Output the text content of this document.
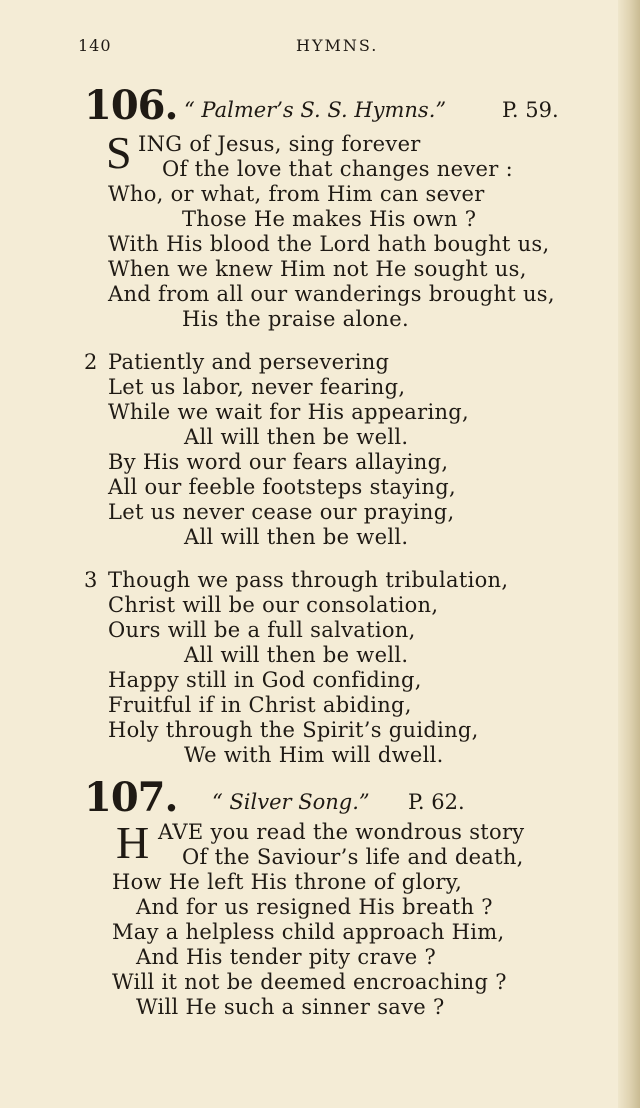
140	HYMNS.
106. “ Palmer’s S. S. Hymns.”	P. 59.
S ING of Jesus, sing forever
Of the love that changes never :
Who, or what, from Him can sever
Those He makes His own ?
With His blood the Lord hath bought us,
When we knew Him not He sought us,
And from all our wanderings brought us,
His the praise alone.
2 Patiently and persevering
Let us labor, never fearing,
While we wait for His appearing,
All will then be well.
By His word our fears allaying,
All our feeble footsteps staying,
Let us never cease our praying,
All will then be well.
3 Though we pass through tribulation,
Christ will be our consolation,
Ours will be a full salvation,
All will then be well.
Happy still in God confiding,
Fruitful if in Christ abiding,
Holy through the Spirit’s guiding,
We with Him will dwell.
107. “ Silver Song.” P. 62.
H AVE you read the wondrous story
Of the Saviour’s life and death,
How He left His throne of glory,
And for us resigned His breath ?
May a helpless child approach Him,
And His tender pity crave ?
Will it not be deemed encroaching ?
Will He such a sinner save ?
